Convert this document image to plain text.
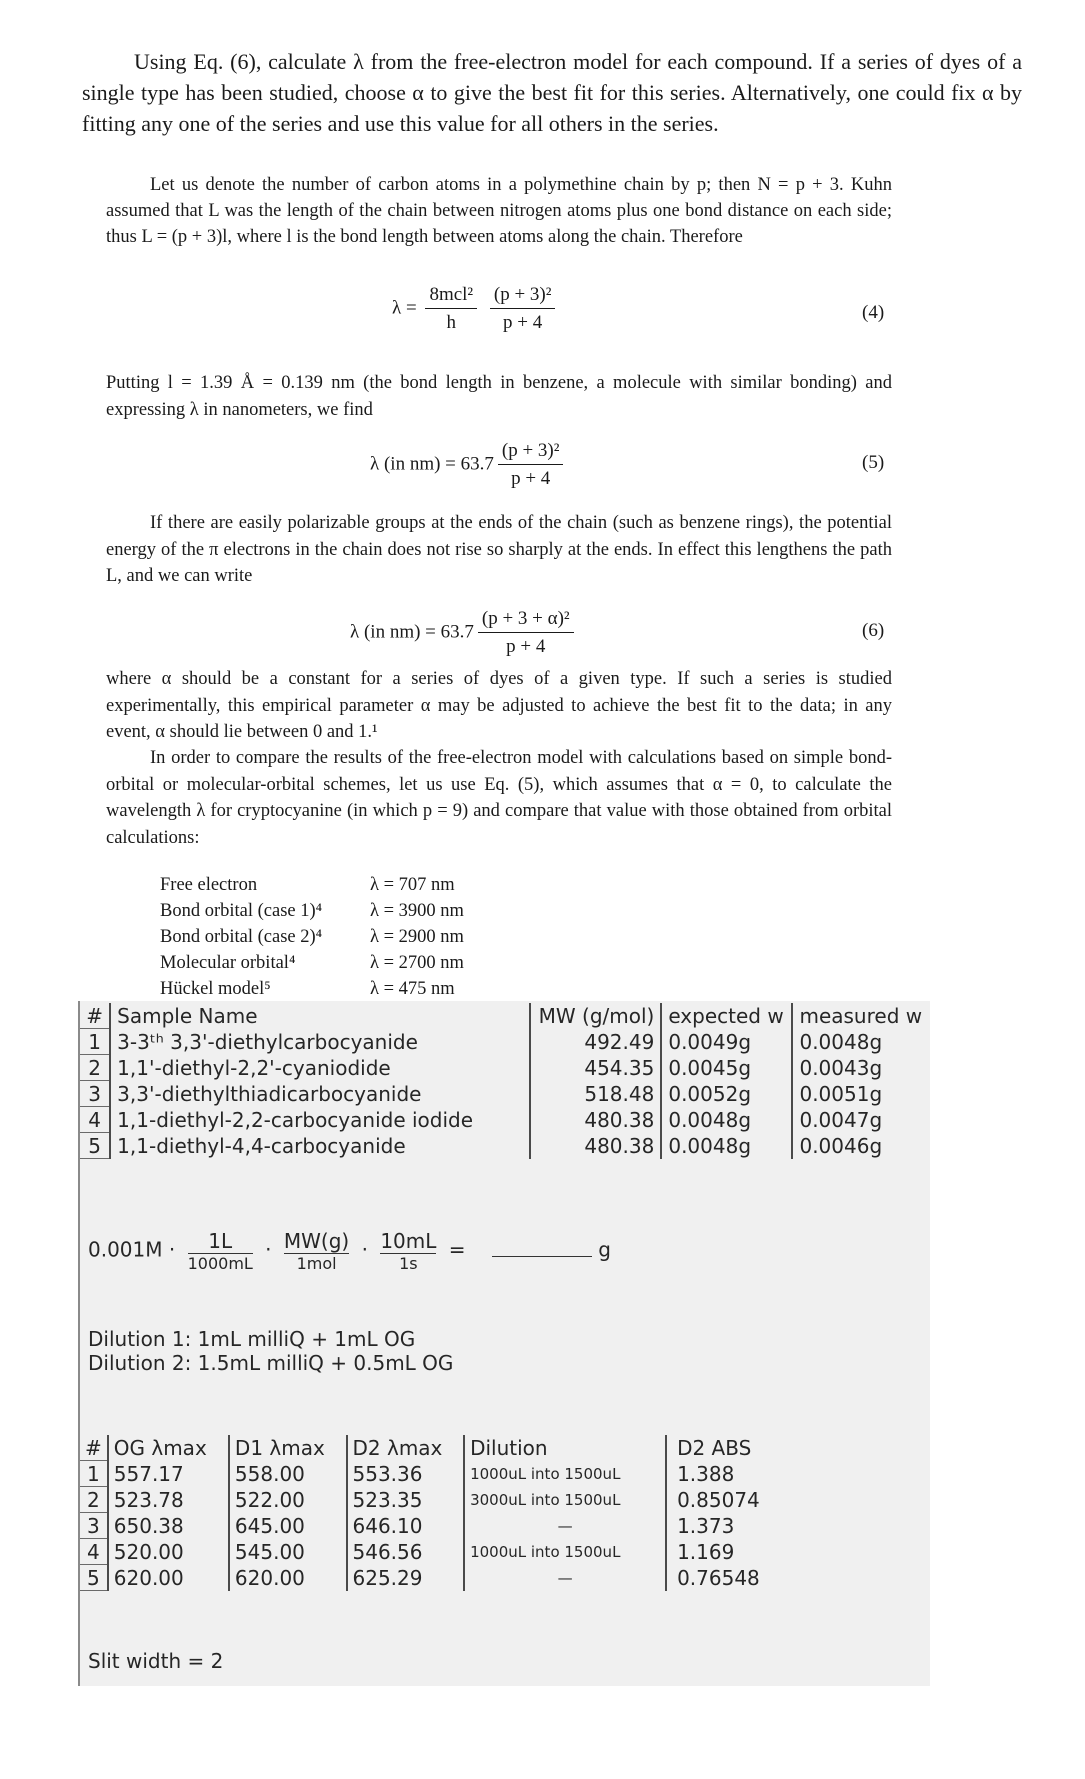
Using Eq. (6), calculate λ from the free-electron model for each compound. If a series of dyes of a single type has been studied, choose α to give the best fit for this series. Alternatively, one could fix α by fitting any one of the series and use this value for all others in the series.

Let us denote the number of carbon atoms in a polymethine chain by p; then N = p + 3. Kuhn assumed that L was the length of the chain between nitrogen atoms plus one bond distance on each side; thus L = (p + 3)l, where l is the bond length between atoms along the chain. Therefore

$\lambda = \frac{\text{8mcl²}}{h}$
$\frac{\text{(p + 3)²}}{p + 4}$	(4)

Putting l = 1.39 Å = 0.139 nm (the bond length in benzene, a molecule with similar bonding) and expressing λ in nanometers, we find

λ (in $nm) = 63.7 \frac{\text{(p + 3)²}}{p + 4}$	(5)

If there are easily polarizable groups at the ends of the chain (such as benzene rings), the potential energy of the π electrons in the chain does not rise so sharply at the ends. In effect this lengthens the path L, and we can write

λ (in $nm) = 63.7 \frac{\text{(p + 3 + α)²}}{p + 4}$	(6)

where α should be a constant for a series of dyes of a given type. If such a series is studied experimentally, this empirical parameter α may be adjusted to achieve the best fit to the data; in any event, α should lie between 0 and 1.¹

In order to compare the results of the free-electron model with calculations based on simple bond-orbital or molecular-orbital schemes, let us use Eq. (5), which assumes that α = 0, to calculate the wavelength λ for cryptocyanine (in which p = 9) and compare that value with those obtained from orbital calculations:

Free electron	λ = 707 nm
Bond orbital (case 1)⁴	λ = 3900 nm
Bond orbital (case 2)⁴	λ = 2900 nm
Molecular orbital⁴	λ = 2700 nm
Hückel model⁵	λ = 475 nm
#	Sample Name	MW (g/mol)	expected w	measured w
1	3-3ᵗʰ 3,3'-diethylcarbocyanide	492.49	0.0049g	0.0048g
2	1,1'-diethyl-2,2'-cyaniodide	454.35	0.0045g	0.0043g
3	3,3'-diethylthiadicarbocyanide	518.48	0.0052g	0.0051g
4	1,1-diethyl-2,2-carbocyanide iodide	480.38	0.0048g	0.0047g
5	1,1-diethyl-4,4-carbocyanide	480.38	0.0048g	0.0046g
0.001M ·	1L
1000mL
· MW(g)
1mol
· 10mL
1s
=	g
Dilution 1: 1mL milliQ + 1mL OG
Dilution 2: 1.5mL milliQ + 0.5mL OG
#	OG λmax	D1 λmax	D2 λmax	Dilution	D2 ABS
1	557.17	558.00	553.36	1000uL into 1500uL	1.388
2	523.78	522.00	523.35	3000uL into 1500uL	0.85074
3	650.38	645.00	646.10	—	1.373
4	520.00	545.00	546.56	1000uL into 1500uL	1.169
5	620.00	620.00	625.29	—	0.76548
Slit width = 2
